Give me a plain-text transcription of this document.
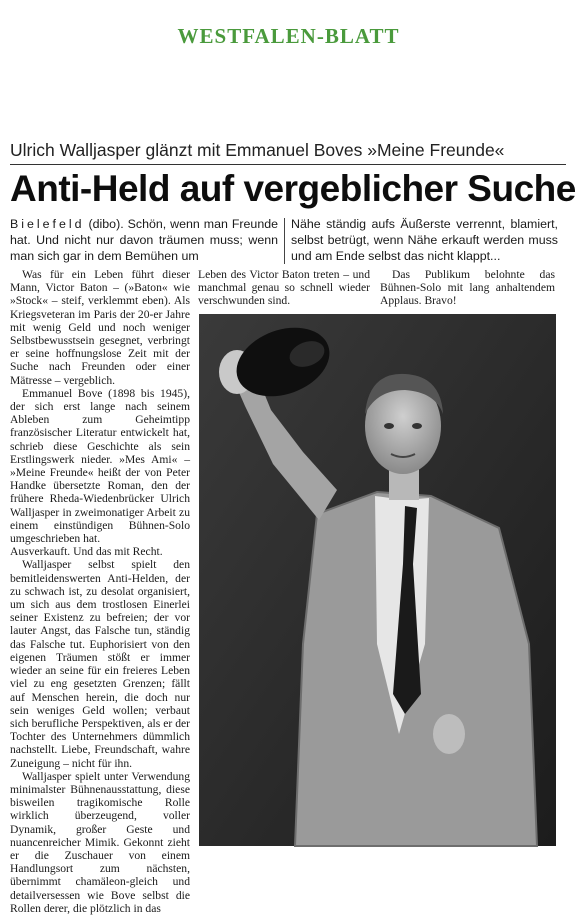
WESTFALEN-BLATT
Ulrich Walljasper glänzt mit Emmanuel Boves »Meine Freunde«
Anti-Held auf vergeblicher Suche
Bielefeld (dibo). Schön, wenn man Freunde hat. Und nicht nur davon träumen muss; wenn man sich gar in dem Bemühen um
Nähe ständig aufs Äußerste verrennt, blamiert, selbst betrügt, wenn Nähe erkauft werden muss und am Ende selbst das nicht klappt...

Was für ein Leben führt dieser Mann, Victor Baton – (»Baton« wie »Stock« – steif, verklemmt eben). Als Kriegsveteran im Paris der 20-er Jahre mit wenig Geld und noch weniger Selbstbewusstsein gesegnet, verbringt er seine hoffnungslose Zeit mit der Suche nach Freunden oder einer Mätresse – vergeblich.

Emmanuel Bove (1898 bis 1945), der sich erst lange nach seinem Ableben zum Geheimtipp französischer Literatur entwickelt hat, schrieb diese Geschichte als sein Erstlingswerk nieder. »Mes Ami« – »Meine Freunde« heißt der von Peter Handke übersetzte Roman, den der frühere Rheda-Wiedenbrücker Ulrich Walljasper in zweimonatiger Arbeit zu einem einstündigen Bühnen-Solo umgeschrieben hat.

Ausverkauft. Und das mit Recht.

Walljasper selbst spielt den bemitleidenswerten Anti-Helden, der zu schwach ist, zu desolat organisiert, um sich aus dem trostlosen Einerlei seiner Existenz zu befreien; der vor lauter Angst, das Falsche tun, ständig das Falsche tut. Euphorisiert von den eigenen Träumen stößt er immer wieder an seine für ein freieres Leben viel zu eng gesetzten Grenzen; fällt auf Menschen herein, die doch nur sein weniges Geld wollen; verbaut sich berufliche Perspektiven, als er der Tochter des Unternehmers dümmlich nachstellt. Liebe, Freundschaft, wahre Zuneigung – nicht für ihn.

Walljasper spielt unter Verwendung minimalster Bühnenausstattung, diese bisweilen tragikomische Rolle wirklich überzeugend, voller Dynamik, großer Geste und nuancenreicher Mimik. Gekonnt zieht er die Zuschauer von einem Handlungsort zum nächsten, übernimmt chamäleon-gleich und detailversessen wie Bove selbst die Rollen derer, die plötzlich in das

Leben des Victor Baton treten – und manchmal genau so schnell wieder verschwunden sind.

Das Publikum belohnte das Bühnen-Solo mit lang anhaltendem Applaus. Bravo!
